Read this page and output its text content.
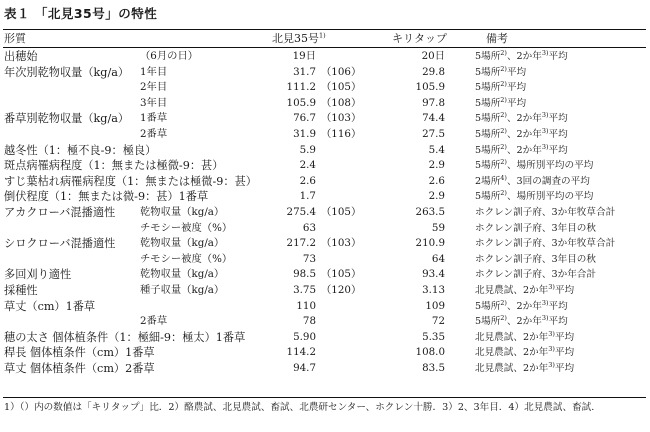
表１ 「北見35号」の特性
形質	北見35号$^{1)}$	キリタップ	備考
出穂始	（6月の日）	19日	20日	5場所$^{2)}$、2か年$^{3)}$平均
年次別乾物収量（kg/a） 1年目	31.7 （106）	29.8	5場所$^{2)}$平均
2年目	111.2 （105）	105.9	5場所$^{2)}$平均
3年目	105.9 （108）	97.8	5場所$^{2)}$平均
番草別乾物収量（kg/a） 1番草	76.7 （103）	74.4	5場所$^{2)}$、2か年$^{3)}$平均
2番草	31.9 （116）	27.5	5場所$^{2)}$、2か年$^{3)}$平均
越冬性（1：極不良-9：極良）	5.9	5.4	5場所$^{2)}$、2か年$^{3)}$平均
斑点病罹病程度（1：無または極微-9：甚）	2.4	2.9	5場所$^{2)}$、場所別平均の平均
すじ葉枯れ病罹病程度（1：無または極微-9：甚）	2.6	2.6	2場所$^{4)}$、3回の調査の平均
倒伏程度（1：無または微-9：甚）1番草	1.7	2.9	5場所$^{2)}$、場所別平均の平均
アカクローバ混播適性 乾物収量（kg/a）	275.4 （105）	263.5	ホクレン訓子府、3か年牧草合計
チモシー被度（%）	63	59	ホクレン訓子府、3年目の秋
シロクローバ混播適性 乾物収量（kg/a）	217.2 （103）	210.9	ホクレン訓子府、3か年牧草合計
チモシー被度（%）	73	64	ホクレン訓子府、3年目の秋
多回刈り適性	乾物収量（kg/a）	98.5 （105）	93.4	ホクレン訓子府、3か年合計
採種性	種子収量（kg/a）	3.75 （120）	3.13	北見農試、2か年$^{3)}$平均
草丈（cm）1番草	110	109	5場所$^{2)}$、2か年$^{3)}$平均
2番草	78	72	5場所$^{2)}$、2か年$^{3)}$平均
穂の太さ 個体植条件（1：極細-9：極太）1番草	5.90	5.35	北見農試、2か年$^{3)}$平均
稈長 個体植条件（cm）1番草	114.2	108.0	北見農試、2か年$^{3)}$平均
草丈 個体植条件（cm）2番草	94.7	83.5	北見農試、2か年$^{3)}$平均
1）（）内の数値は「キリタップ」比．2）酪農試、北見農試、畜試、北農研センター、ホクレン十勝．3）2、3年目．4）北見農試、畜試.
